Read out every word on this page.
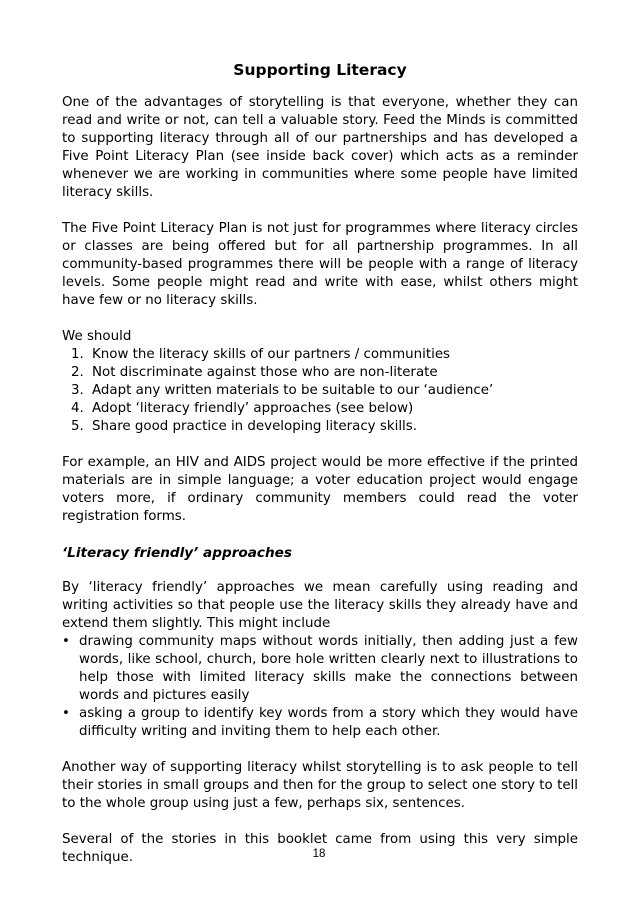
Supporting Literacy

One of the advantages of storytelling is that everyone, whether they can read and write or not, can tell a valuable story. Feed the Minds is committed to supporting literacy through all of our partnerships and has developed a Five Point Literacy Plan (see inside back cover) which acts as a reminder whenever we are working in communities where some people have limited literacy skills.

The Five Point Literacy Plan is not just for programmes where literacy circles or classes are being offered but for all partnership programmes. In all community-based programmes there will be people with a range of literacy levels. Some people might read and write with ease, whilst others might have few or no literacy skills.

We should

1. Know the literacy skills of our partners / communities
2. Not discriminate against those who are non-literate
3. Adapt any written materials to be suitable to our ‘audience’
4. Adopt ‘literacy friendly’ approaches (see below)
5. Share good practice in developing literacy skills.

For example, an HIV and AIDS project would be more effective if the printed materials are in simple language; a voter education project would engage voters more, if ordinary community members could read the voter registration forms.

‘Literacy friendly’ approaches

By ‘literacy friendly’ approaches we mean carefully using reading and writing activities so that people use the literacy skills they already have and extend them slightly. This might include

• drawing community maps without words initially, then adding just a few words, like school, church, bore hole written clearly next to illustrations to help those with limited literacy skills make the connections between words and pictures easily
• asking a group to identify key words from a story which they would have difficulty writing and inviting them to help each other.

Another way of supporting literacy whilst storytelling is to ask people to tell their stories in small groups and then for the group to select one story to tell to the whole group using just a few, perhaps six, sentences.

Several of the stories in this booklet came from using this very simple technique.	18
